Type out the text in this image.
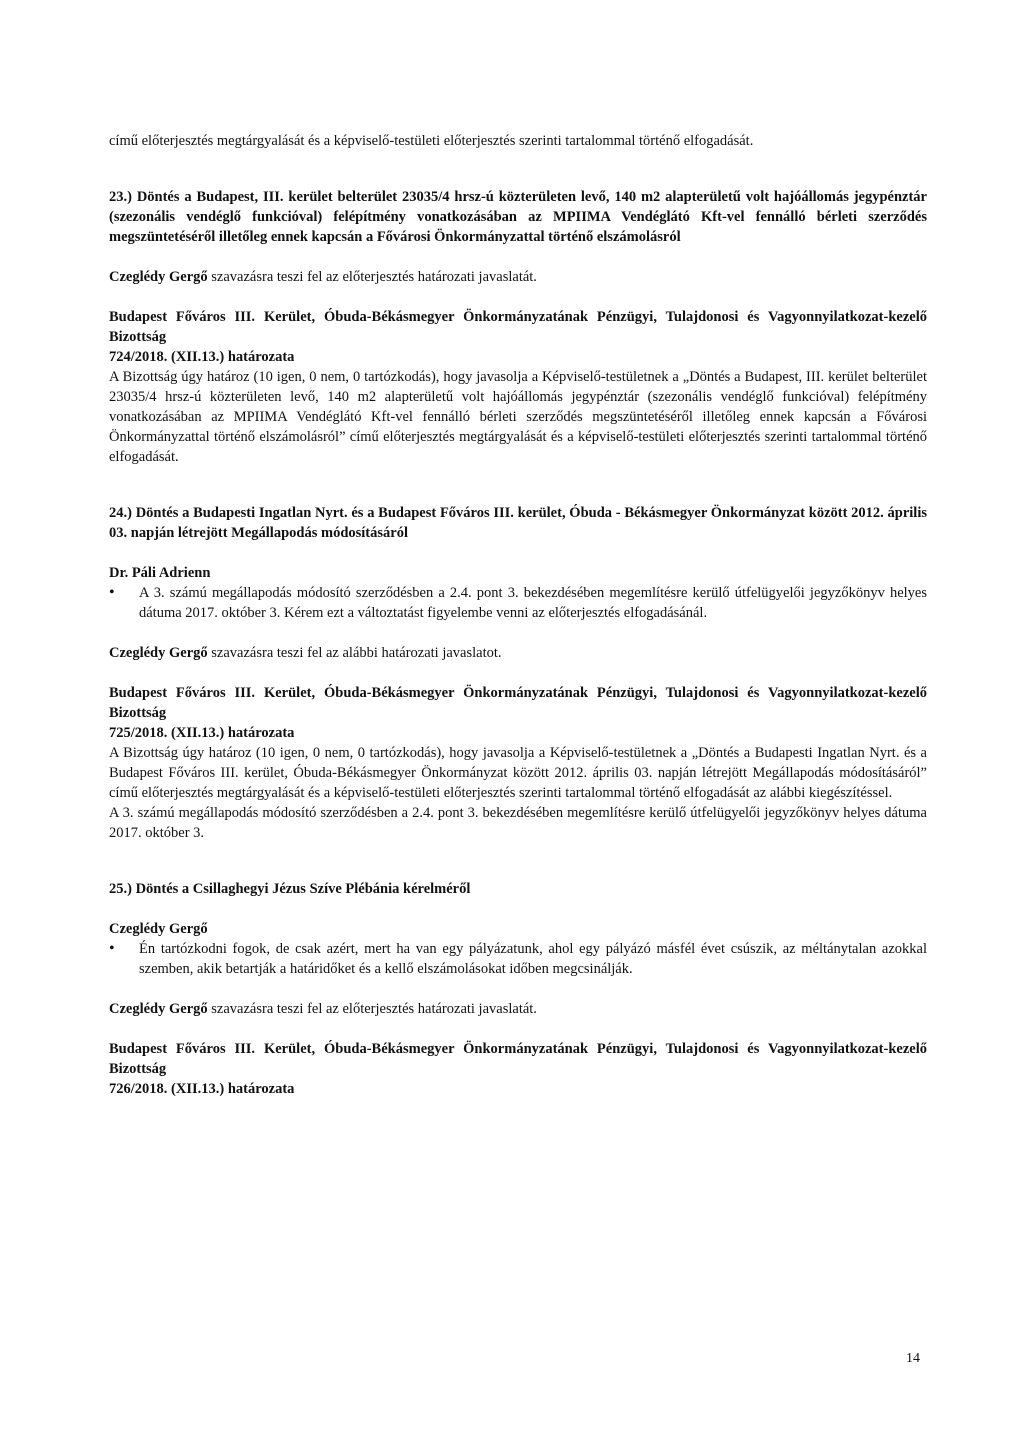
című előterjesztés megtárgyalását és a képviselő-testületi előterjesztés szerinti tartalommal történő elfogadását.

23.) Döntés a Budapest, III. kerület belterület 23035/4 hrsz-ú közterületen levő, 140 m2 alapterületű volt hajóállomás jegypénztár (szezonális vendéglő funkcióval) felépítmény vonatkozásában az MPIIMA Vendéglátó Kft-vel fennálló bérleti szerződés megszüntetéséről illetőleg ennek kapcsán a Fővárosi Önkormányzattal történő elszámolásról

Czeglédy Gergő szavazásra teszi fel az előterjesztés határozati javaslatát.

Budapest Főváros III. Kerület, Óbuda-Békásmegyer Önkormányzatának Pénzügyi, Tulajdonosi és Vagyonnyilatkozat-kezelő Bizottság

724/2018. (XII.13.) határozata

A Bizottság úgy határoz (10 igen, 0 nem, 0 tartózkodás), hogy javasolja a Képviselő-testületnek a „Döntés a Budapest, III. kerület belterület 23035/4 hrsz-ú közterületen levő, 140 m2 alapterületű volt hajóállomás jegypénztár (szezonális vendéglő funkcióval) felépítmény vonatkozásában az MPIIMA Vendéglátó Kft-vel fennálló bérleti szerződés megszüntetéséről illetőleg ennek kapcsán a Fővárosi Önkormányzattal történő elszámolásról” című előterjesztés megtárgyalását és a képviselő-testületi előterjesztés szerinti tartalommal történő elfogadását.

24.) Döntés a Budapesti Ingatlan Nyrt. és a Budapest Főváros III. kerület, Óbuda - Békásmegyer Önkormányzat között 2012. április 03. napján létrejött Megállapodás módosításáról

Dr. Páli Adrienn

• A 3. számú megállapodás módosító szerződésben a 2.4. pont 3. bekezdésében megemlítésre kerülő útfelügyelői jegyzőkönyv helyes dátuma 2017. október 3. Kérem ezt a változtatást figyelembe venni az előterjesztés elfogadásánál.

Czeglédy Gergő szavazásra teszi fel az alábbi határozati javaslatot.

Budapest Főváros III. Kerület, Óbuda-Békásmegyer Önkormányzatának Pénzügyi, Tulajdonosi és Vagyonnyilatkozat-kezelő Bizottság

725/2018. (XII.13.) határozata

A Bizottság úgy határoz (10 igen, 0 nem, 0 tartózkodás), hogy javasolja a Képviselő-testületnek a „Döntés a Budapesti Ingatlan Nyrt. és a Budapest Főváros III. kerület, Óbuda-Békásmegyer Önkormányzat között 2012. április 03. napján létrejött Megállapodás módosításáról” című előterjesztés megtárgyalását és a képviselő-testületi előterjesztés szerinti tartalommal történő elfogadását az alábbi kiegészítéssel.

A 3. számú megállapodás módosító szerződésben a 2.4. pont 3. bekezdésében megemlítésre kerülő útfelügyelői jegyzőkönyv helyes dátuma 2017. október 3.

25.) Döntés a Csillaghegyi Jézus Szíve Plébánia kérelméről

Czeglédy Gergő

• Én tartózkodni fogok, de csak azért, mert ha van egy pályázatunk, ahol egy pályázó másfél évet csúszik, az méltánytalan azokkal szemben, akik betartják a határidőket és a kellő elszámolásokat időben megcsinálják.

Czeglédy Gergő szavazásra teszi fel az előterjesztés határozati javaslatát.

Budapest Főváros III. Kerület, Óbuda-Békásmegyer Önkormányzatának Pénzügyi, Tulajdonosi és Vagyonnyilatkozat-kezelő Bizottság

726/2018. (XII.13.) határozata

14
